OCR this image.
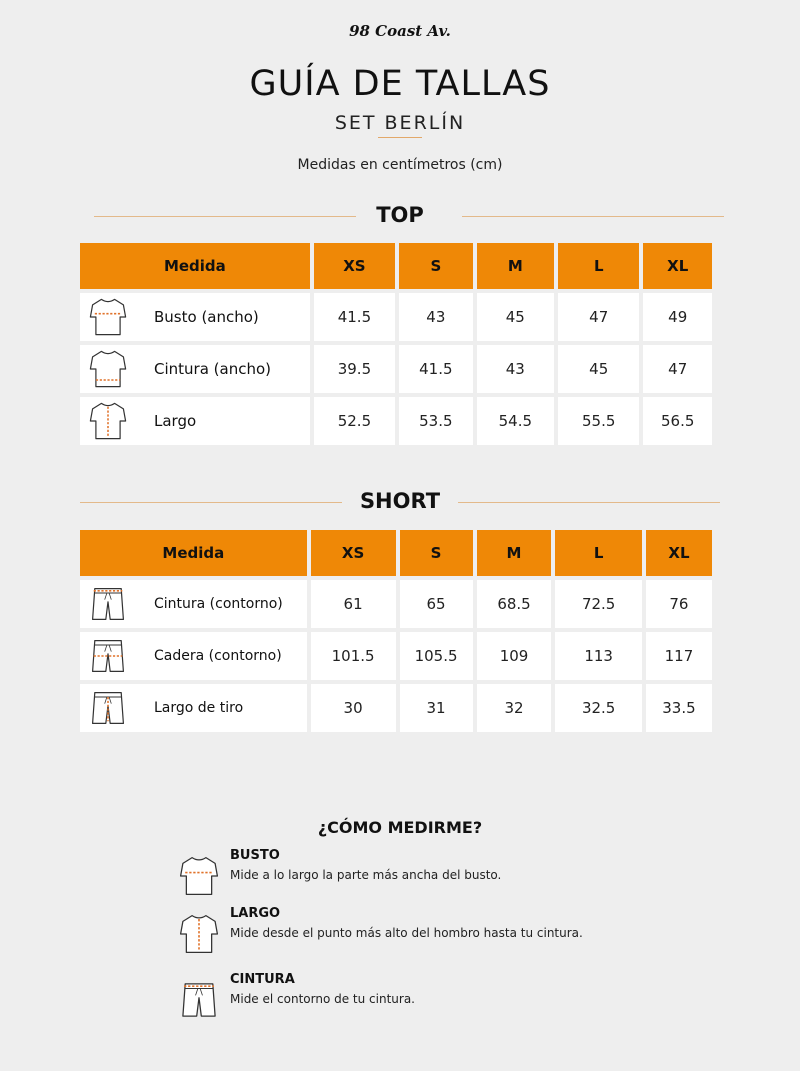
98 Coast Av.
GUÍA DE TALLAS
SET BERLÍN
Medidas en centímetros (cm)
TOP
Medida	XS	S	M	L	XL

Busto (ancho)	41.5	43	45	47	49

Cintura (ancho)	39.5	41.5	43	45	47

Largo	52.5	53.5	54.5	55.5	56.5
SHORT
Medida	XS	S	M	L	XL

Cintura (contorno)	61	65	68.5	72.5	76

Cadera (contorno)	101.5	105.5	109	113	117

Largo de tiro	30	31	32	32.5	33.5
¿CÓMO MEDIRME?
BUSTO
Mide a lo largo la parte más ancha del busto.
LARGO
Mide desde el punto más alto del hombro hasta tu cintura.
CINTURA
Mide el contorno de tu cintura.
